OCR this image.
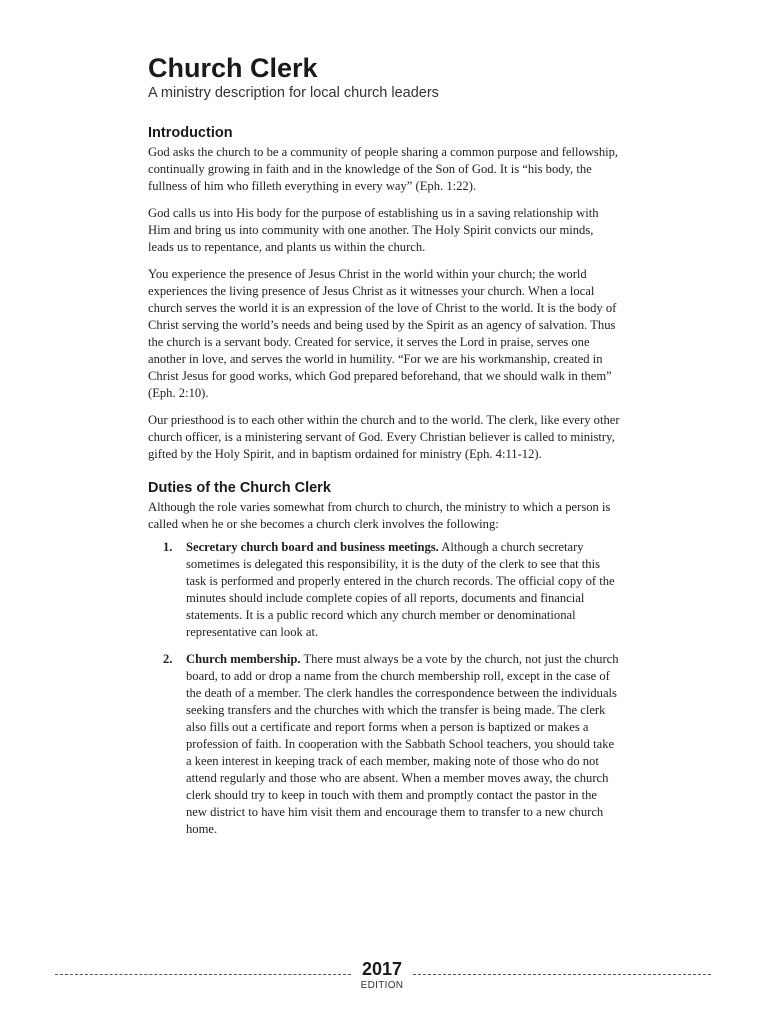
Church Clerk

A ministry description for local church leaders

Introduction

God asks the church to be a community of people sharing a common purpose and fellowship, continually growing in faith and in the knowledge of the Son of God. It is “his body, the fullness of him who filleth everything in every way” (Eph. 1:22).

God calls us into His body for the purpose of establishing us in a saving relationship with Him and bring us into community with one another. The Holy Spirit convicts our minds, leads us to repentance, and plants us within the church.

You experience the presence of Jesus Christ in the world within your church; the world experiences the living presence of Jesus Christ as it witnesses your church. When a local church serves the world it is an expression of the love of Christ to the world. It is the body of Christ serving the world’s needs and being used by the Spirit as an agency of salvation. Thus the church is a servant body. Created for service, it serves the Lord in praise, serves one another in love, and serves the world in humility. “For we are his workmanship, created in Christ Jesus for good works, which God prepared beforehand, that we should walk in them” (Eph. 2:10).

Our priesthood is to each other within the church and to the world. The clerk, like every other church officer, is a ministering servant of God. Every Christian believer is called to ministry, gifted by the Holy Spirit, and in baptism ordained for ministry (Eph. 4:11-12).

Duties of the Church Clerk

Although the role varies somewhat from church to church, the ministry to which a person is called when he or she becomes a church clerk involves the following:

1. Secretary church board and business meetings. Although a church secretary sometimes is delegated this responsibility, it is the duty of the clerk to see that this task is performed and properly entered in the church records. The official copy of the minutes should include complete copies of all reports, documents and financial statements. It is a public record which any church member or denominational representative can look at.
2. Church membership. There must always be a vote by the church, not just the church board, to add or drop a name from the church membership roll, except in the case of the death of a member. The clerk handles the correspondence between the individuals seeking transfers and the churches with which the transfer is being made. The clerk also fills out a certificate and report forms when a person is baptized or makes a profession of faith. In cooperation with the Sabbath School teachers, you should take a keen interest in keeping track of each member, making note of those who do not attend regularly and those who are absent. When a member moves away, the church clerk should try to keep in touch with them and promptly contact the pastor in the new district to have him visit them and encourage them to transfer to a new church home.
2017
EDITION
